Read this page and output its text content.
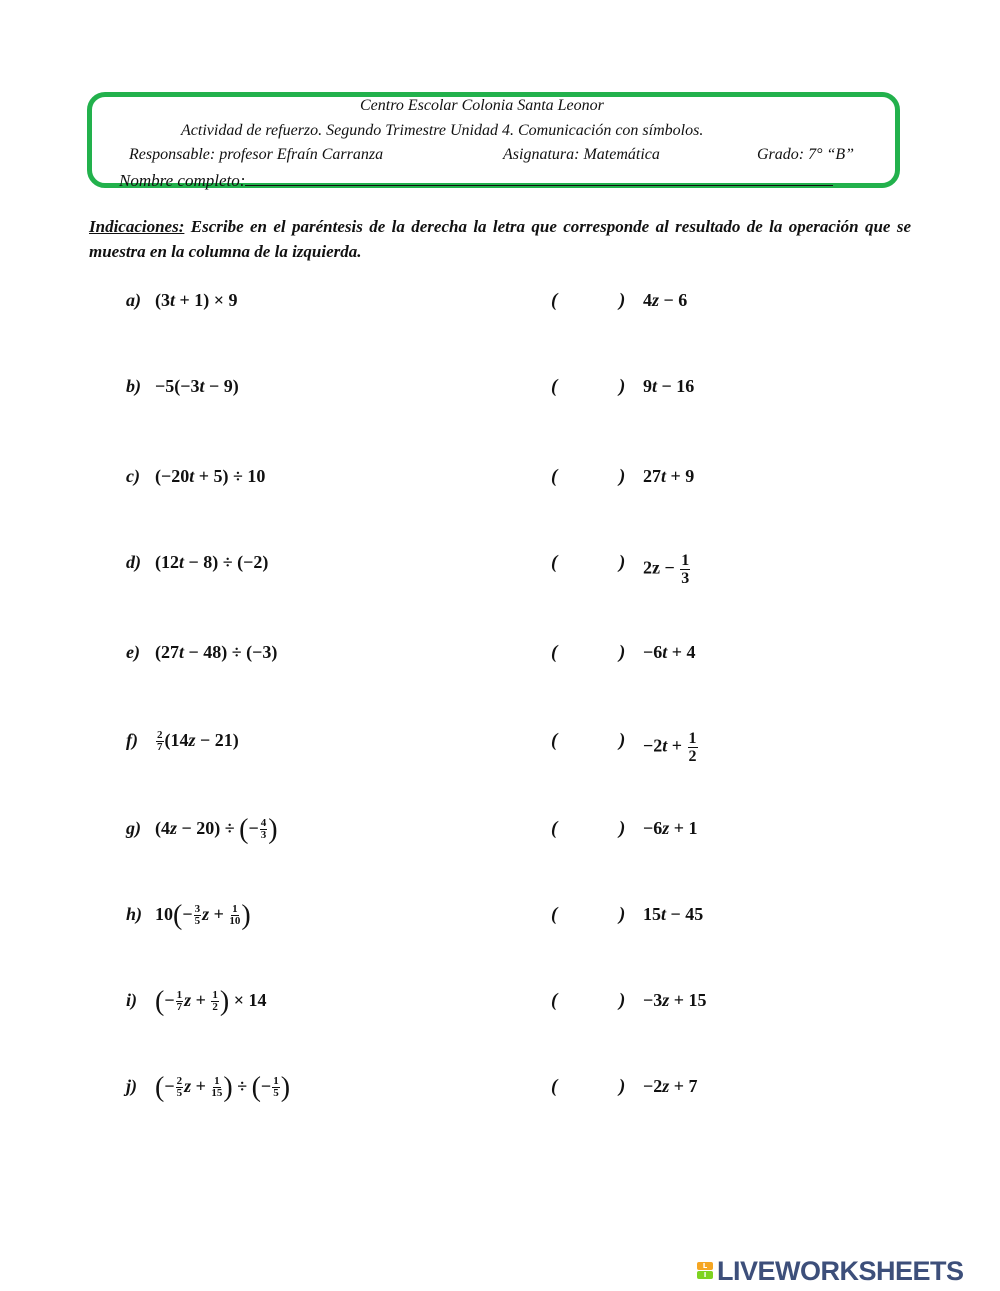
Centro Escolar Colonia Santa Leonor
Actividad de refuerzo. Segundo Trimestre Unidad 4. Comunicación con símbolos.
Responsable: profesor Efraín Carranza	Asignatura: Matemática	Grado: 7° “B”
Nombre completo:
Indicaciones: Escribe en el paréntesis de la derecha la letra que corresponde al resultado de la operación que se muestra en la columna de la izquierda.
a) (3t + 1) × 9	(	) 4z − 6
b) −5(−3t − 9)	(	) 9t − 16
c) (−20t + 5) ÷ 10	(	) 27t + 9
d) (12t − 8) ÷ (−2)	(	) $2z - \frac{1}{3}$
e) (27t − 48) ÷ (−3)	(	) −6t + 4
$f) \frac{2}{7} (14z - 21)$	(	) $-2t + \frac{1}{2}$
g) (4z − 20) ÷ (− $\frac{4}{3}$ )	(	) −6z + 1
h) $10(- \frac{3}{5}$ $z + \frac{1}{10}$ )	(	) 15t − 45
i) (− $\frac{1}{7}$ $z + \frac{1}{2}$ ) × 14	(	) −3z + 15
j) (− $\frac{2}{5}$ $z + \frac{1}{15}$ ) ÷ (− $\frac{1}{5}$ )	(	) −2z + 7
L
I LIVEWORKSHEETS
